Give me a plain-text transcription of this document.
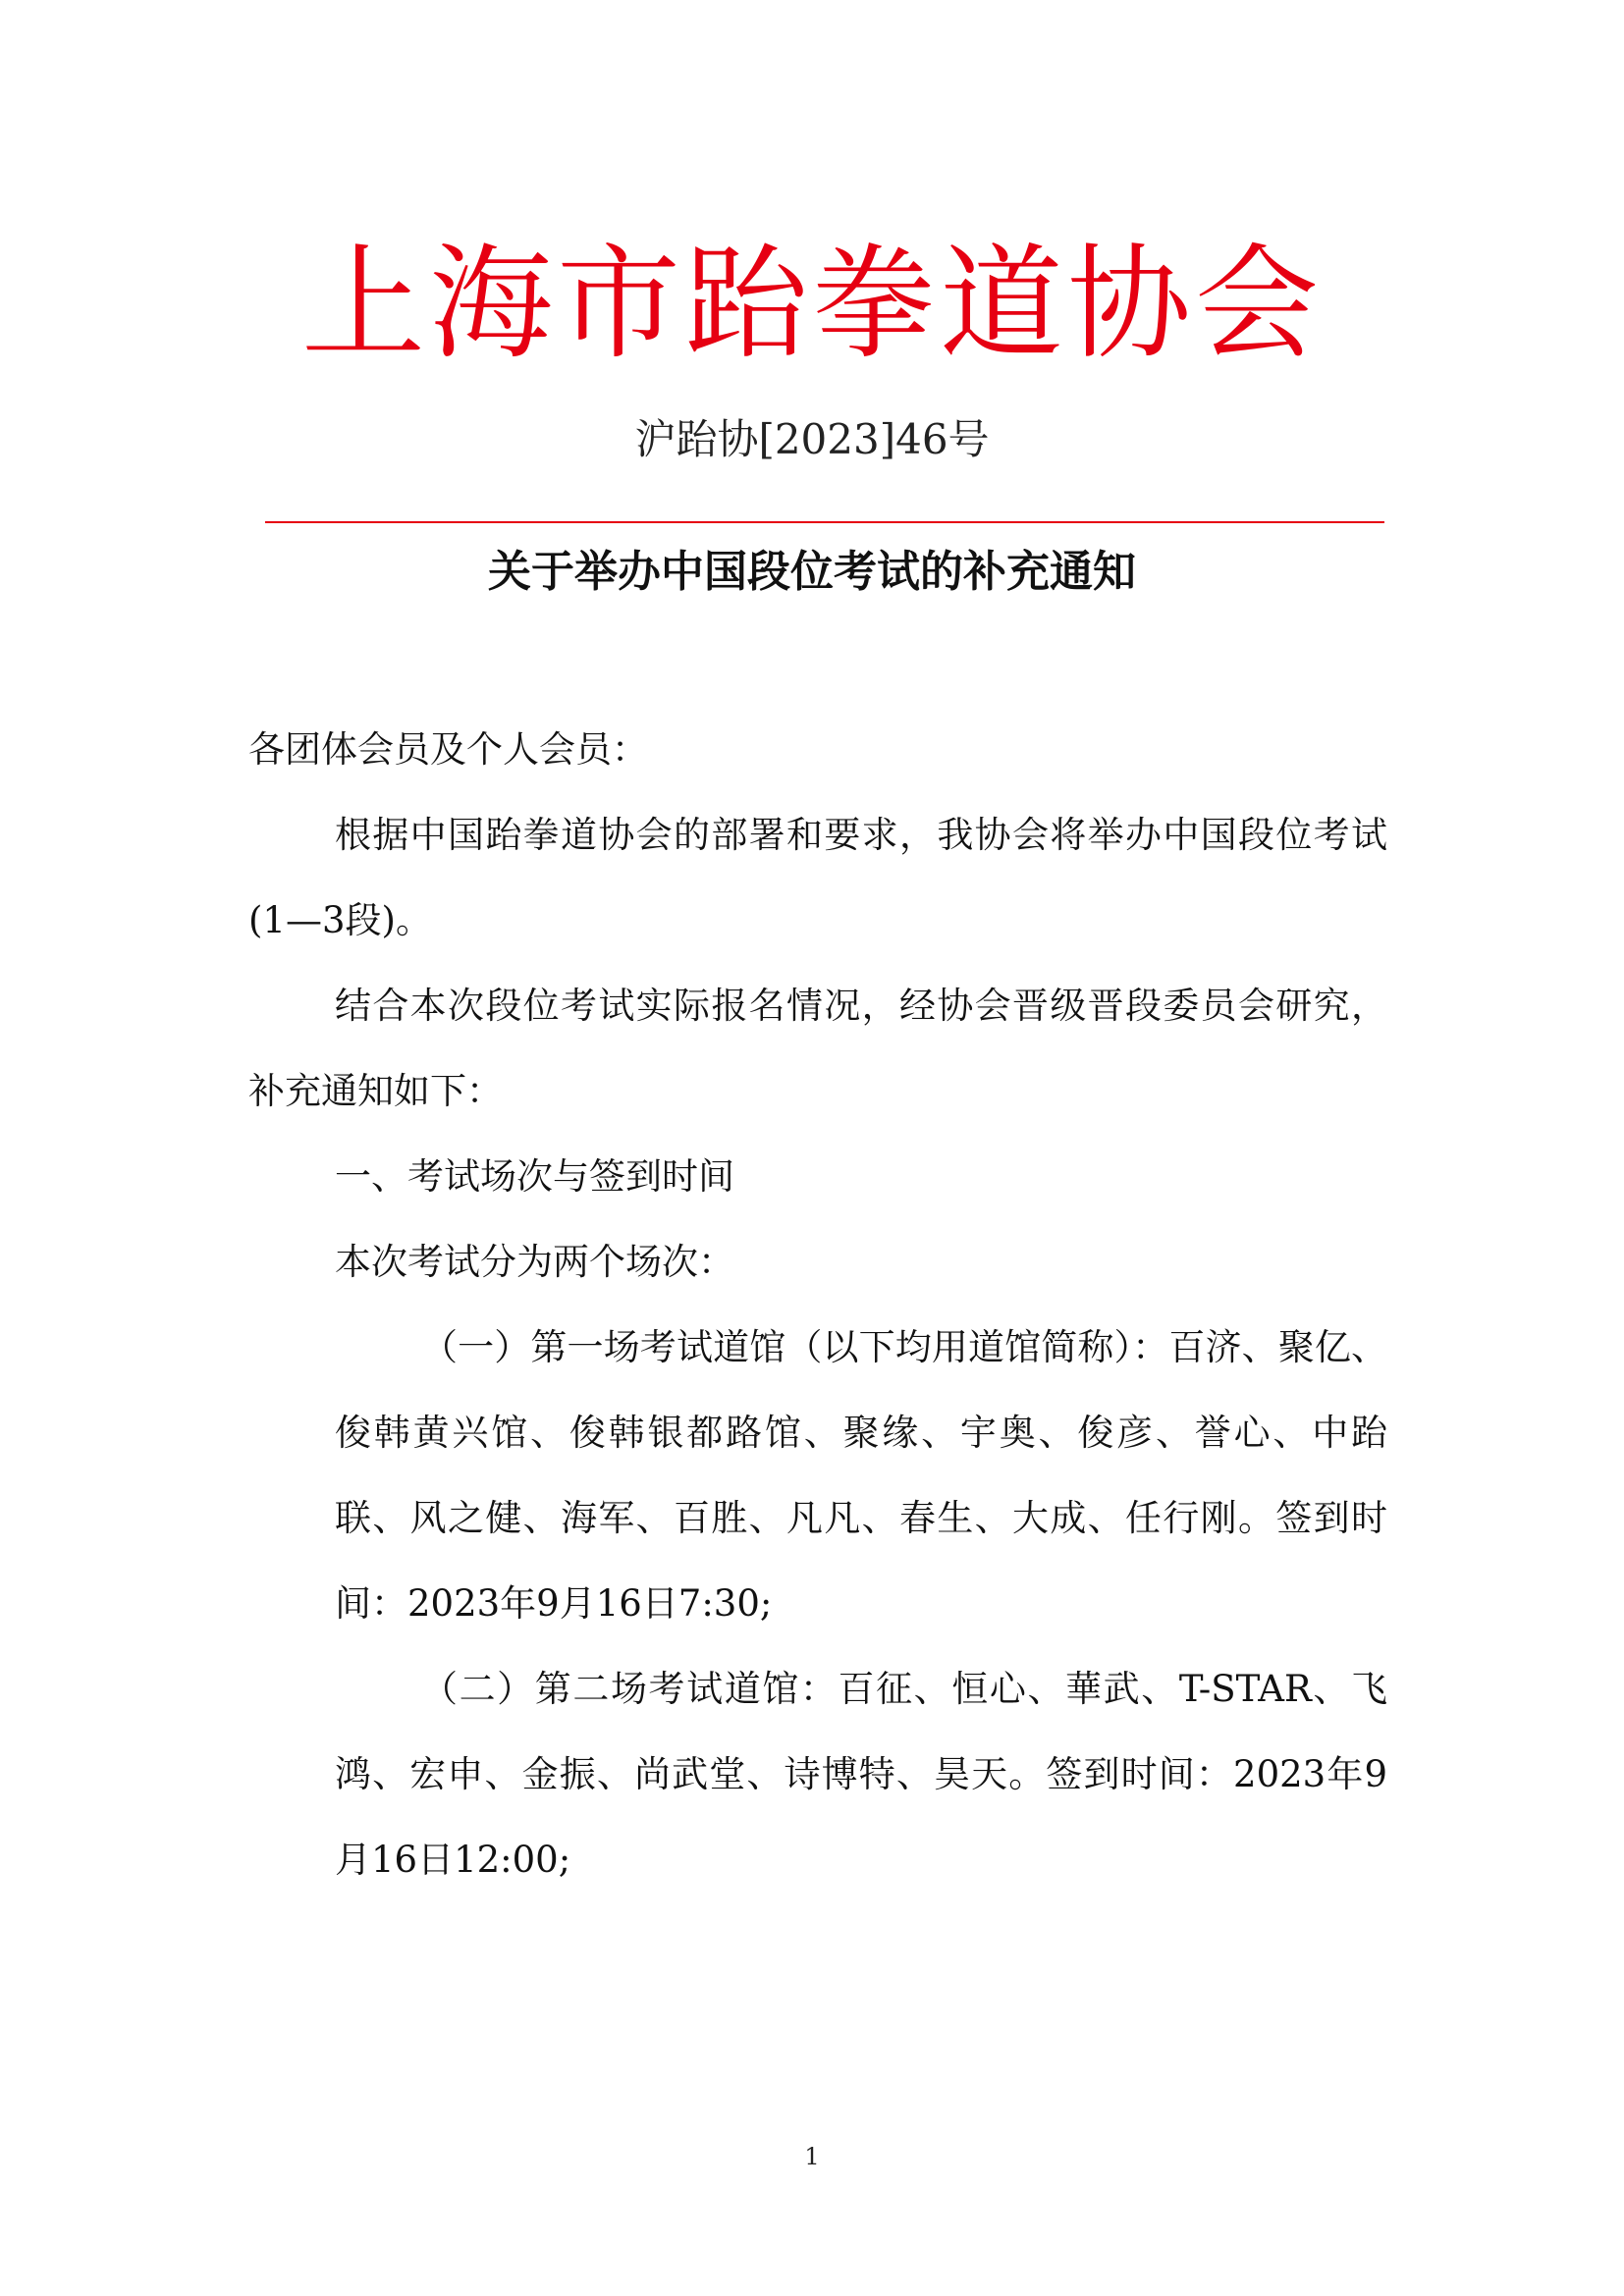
上海市跆拳道协会
沪跆协[2023]46号
关于举办中国段位考试的补充通知

各团体会员及个人会员：

根据中国跆拳道协会的部署和要求，我协会将举办中国段位考试(1—3段)。

结合本次段位考试实际报名情况，经协会晋级晋段委员会研究，补充通知如下：

一、考试场次与签到时间

本次考试分为两个场次：

（一）第一场考试道馆（以下均用道馆简称）：百济、聚亿、俊韩黄兴馆、俊韩银都路馆、聚缘、宇奥、俊彦、誉心、中跆联、风之健、海军、百胜、凡凡、春生、大成、任行刚。签到时间：2023年9月16日7:30;

（二）第二场考试道馆：百征、恒心、華武、T-STAR、飞鸿、宏申、金振、尚武堂、诗博特、昊天。签到时间：2023年9月16日12:00;

1
